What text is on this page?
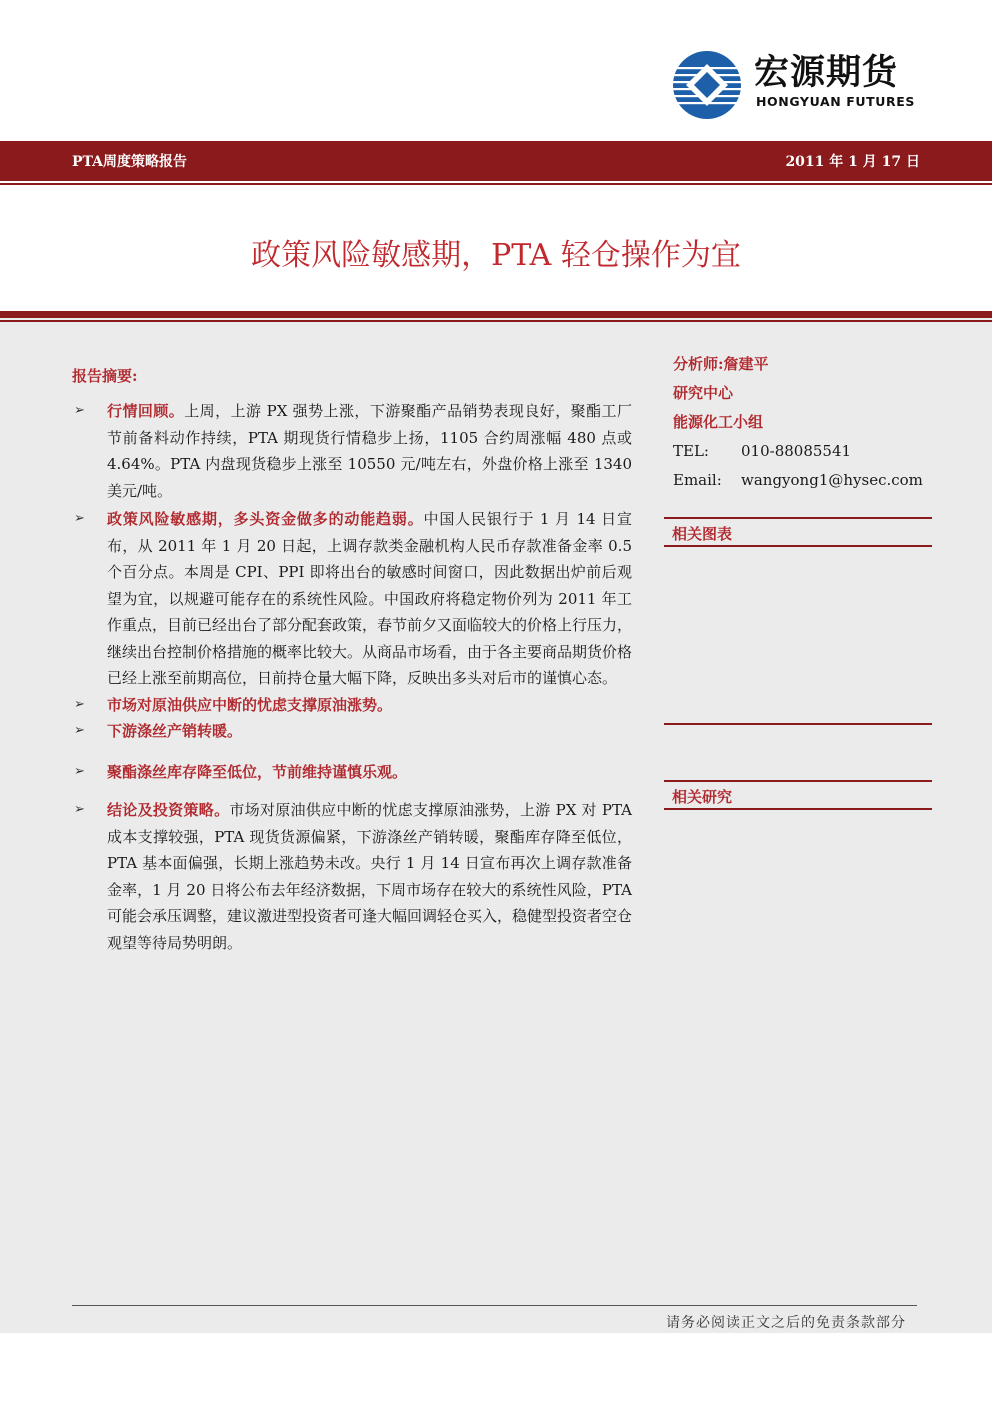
宏源期货
HONGYUAN FUTURES
PTA周度策略报告	2011 年 1 月 17 日
政策风险敏感期，PTA 轻仓操作为宜
报告摘要:
➢ 行情回顾。上周，上游 PX 强势上涨，下游聚酯产品销势表现良好，聚酯工厂节前备料动作持续，PTA 期现货行情稳步上扬，1105 合约周涨幅 480 点或 4.64%。PTA 内盘现货稳步上涨至 10550 元/吨左右，外盘价格上涨至 1340 美元/吨。

➢ 政策风险敏感期，多头资金做多的动能趋弱。中国人民银行于 1 月 14 日宣布，从 2011 年 1 月 20 日起，上调存款类金融机构人民币存款准备金率 0.5 个百分点。本周是 CPI、PPI 即将出台的敏感时间窗口，因此数据出炉前后观望为宜，以规避可能存在的系统性风险。中国政府将稳定物价列为 2011 年工作重点，目前已经出台了部分配套政策，春节前夕又面临较大的价格上行压力，继续出台控制价格措施的概率比较大。从商品市场看，由于各主要商品期货价格已经上涨至前期高位，日前持仓量大幅下降，反映出多头对后市的谨慎心态。

➢ 市场对原油供应中断的忧虑支撑原油涨势。

➢ 下游涤丝产销转暖。

➢ 聚酯涤丝库存降至低位，节前维持谨慎乐观。

➢ 结论及投资策略。市场对原油供应中断的忧虑支撑原油涨势，上游 PX 对 PTA 成本支撑较强，PTA 现货货源偏紧，下游涤丝产销转暖，聚酯库存降至低位，PTA 基本面偏强，长期上涨趋势未改。央行 1 月 14 日宣布再次上调存款准备金率，1 月 20 日将公布去年经济数据，下周市场存在较大的系统性风险，PTA 可能会承压调整，建议激进型投资者可逢大幅回调轻仓买入，稳健型投资者空仓观望等待局势明朗。

分析师:詹建平
研究中心
能源化工小组
TEL: 010-88085541
Email: wangyong1@hysec.com
相关图表
相关研究
请务必阅读正文之后的免责条款部分
